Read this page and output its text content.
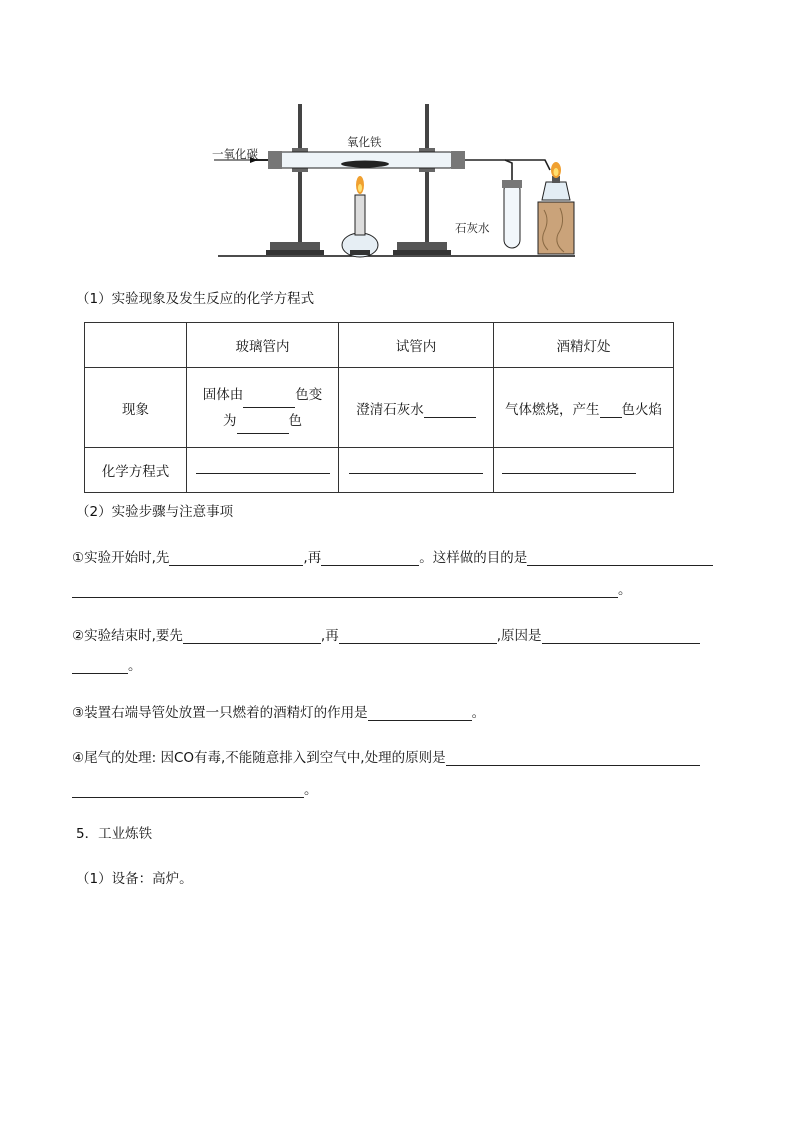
一氧化碳
氧化铁
石灰水
（1）实验现象及发生反应的化学方程式
	玻璃管内	试管内	酒精灯处
现象	固体由 色变
为 色	澄清石灰水	气体燃烧，产生 色火焰
化学方程式			
（2）实验步骤与注意事项
①实验开始时,先	,再	。这样做的目的是
。
②实验结束时,要先	,再	,原因是
。
③装置右端导管处放置一只燃着的酒精灯的作用是	。
④尾气的处理: 因CO有毒,不能随意排入到空气中,处理的原则是
。
5．工业炼铁
（1）设备：高炉。
